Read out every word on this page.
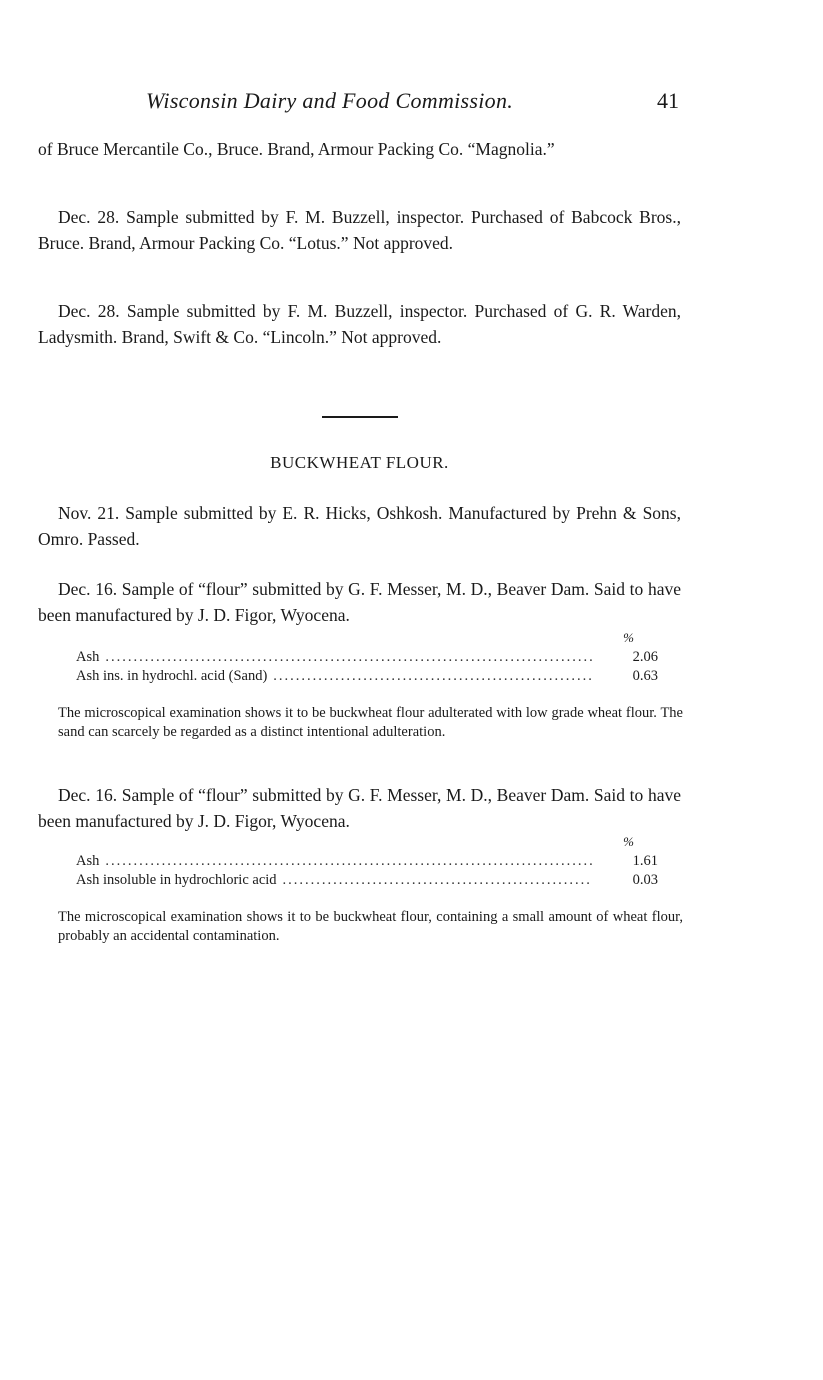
Wisconsin Dairy and Food Commission.	41

of Bruce Mercantile Co., Bruce. Brand, Armour Packing Co. “Magnolia.”

Dec. 28. Sample submitted by F. M. Buzzell, inspector. Purchased of Babcock Bros., Bruce. Brand, Armour Packing Co. “Lotus.” Not approved.

Dec. 28. Sample submitted by F. M. Buzzell, inspector. Purchased of G. R. Warden, Ladysmith. Brand, Swift & Co. “Lincoln.” Not approved.

BUCKWHEAT FLOUR.

Nov. 21. Sample submitted by E. R. Hicks, Oshkosh. Manufactured by Prehn & Sons, Omro. Passed.

Dec. 16. Sample of “flour” submitted by G. F. Messer, M. D., Beaver Dam. Said to have been manufactured by J. D. Figor, Wyocena.

%
Ash .....	2.06
Ash ins. in hydrochl. acid (Sand) .....	0.63

The microscopical examination shows it to be buckwheat flour adulterated with low grade wheat flour. The sand can scarcely be regarded as a distinct intentional adulteration.

Dec. 16. Sample of “flour” submitted by G. F. Messer, M. D., Beaver Dam. Said to have been manufactured by J. D. Figor, Wyocena.

%
Ash .....	1.61
Ash insoluble in hydrochloric acid .....	0.03

The microscopical examination shows it to be buckwheat flour, containing a small amount of wheat flour, probably an accidental contamination.
